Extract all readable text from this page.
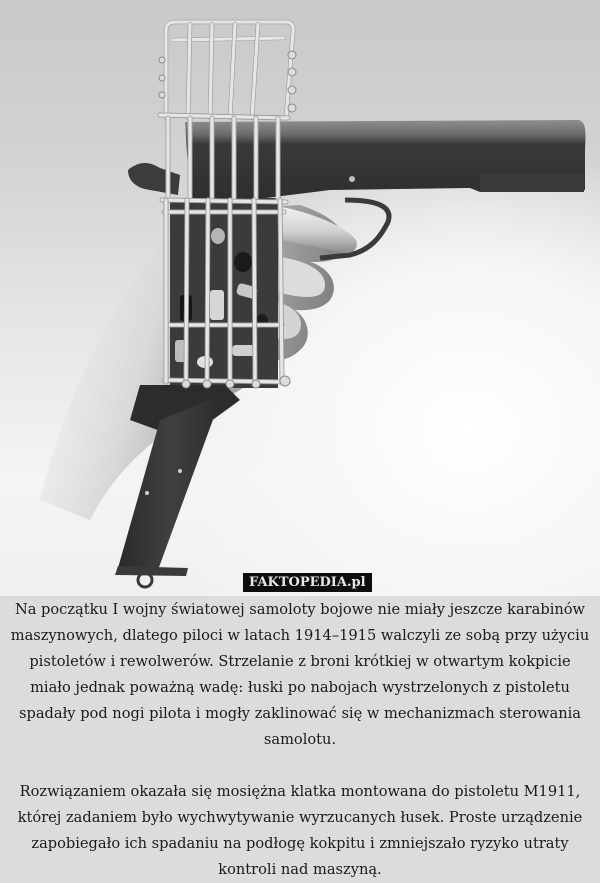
FAKTOPEDIA.pl

Na początku I wojny światowej samoloty bojowe nie miały jeszcze karabinów maszynowych, dlatego piloci w latach 1914–1915 walczyli ze sobą przy użyciu pistoletów i rewolwerów. Strzelanie z broni krótkiej w otwartym kokpicie miało jednak poważną wadę: łuski po nabojach wystrzelonych z pistoletu spadały pod nogi pilota i mogły zaklinować się w mechanizmach sterowania samolotu.

Rozwiązaniem okazała się mosiężna klatka montowana do pistoletu M1911, której zadaniem było wychwytywanie wyrzucanych łusek. Proste urządzenie zapobiegało ich spadaniu na podłogę kokpitu i zmniejszało ryzyko utraty kontroli nad maszyną.
